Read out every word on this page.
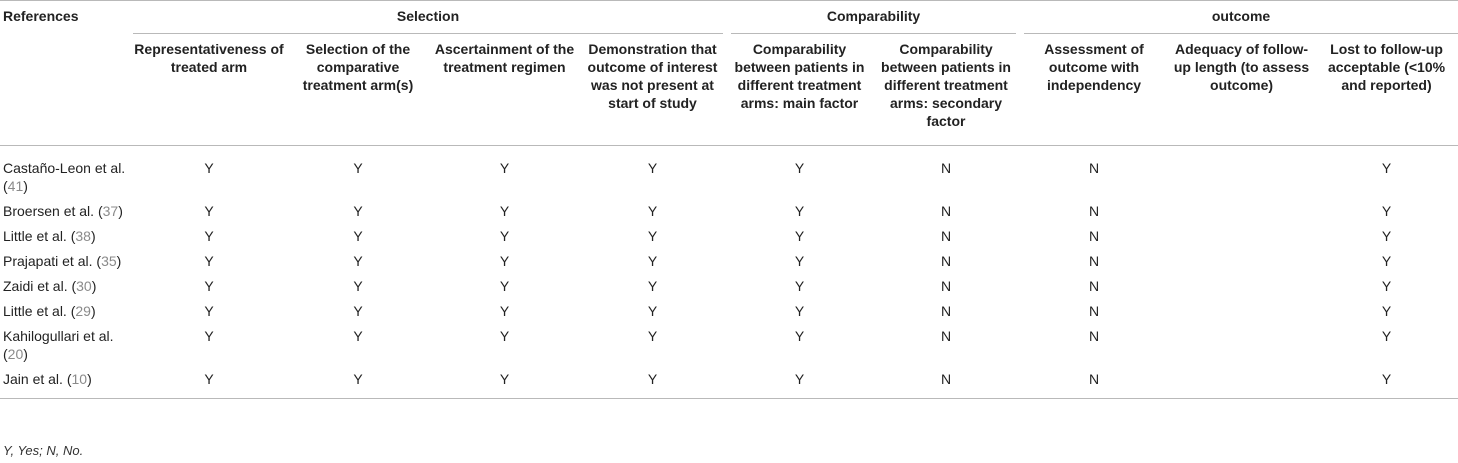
References	Selection				Comparability		outcome		
	Representativeness of treated arm	Selection of the comparative treatment arm(s)	Ascertainment of the treatment regimen	Demonstration that outcome of interest was not present at start of study	Comparability between patients in different treatment arms: main factor	Comparability between patients in different treatment arms: secondary factor	Assessment of outcome with independency	Adequacy of follow-up length (to assess outcome)	Lost to follow-up acceptable (<10% and reported)
Castaño-Leon et al. (41)	Y	Y	Y	Y	Y	N	N		Y
Broersen et al. (37)	Y	Y	Y	Y	Y	N	N		Y
Little et al. (38)	Y	Y	Y	Y	Y	N	N		Y
Prajapati et al. (35)	Y	Y	Y	Y	Y	N	N		Y
Zaidi et al. (30)	Y	Y	Y	Y	Y	N	N		Y
Little et al. (29)	Y	Y	Y	Y	Y	N	N		Y
Kahilogullari et al. (20)	Y	Y	Y	Y	Y	N	N		Y
Jain et al. (10)	Y	Y	Y	Y	Y	N	N		Y
Y, Yes; N, No.
